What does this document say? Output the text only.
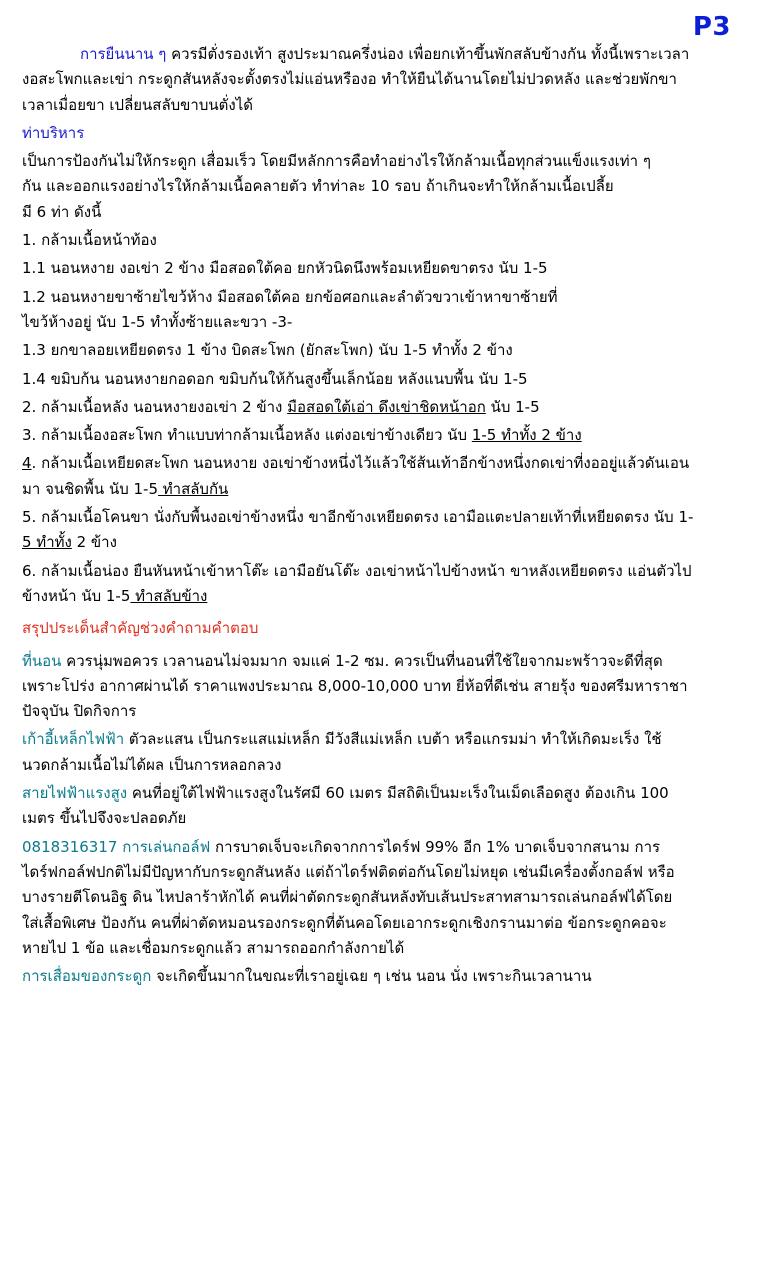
P3

การยืนนาน ๆ ควรมีตั่งรองเท้า สูงประมาณครึ่งน่อง เพื่อยกเท้าขึ้นพักสลับข้างกัน ทั้งนี้เพราะเวลา

งอสะโพกและเข่า กระดูกสันหลังจะตั้งตรงไม่แอ่นหรืองอ ทำให้ยืนได้นานโดยไม่ปวดหลัง และช่วยพักขา

เวลาเมื่อยขา เปลี่ยนสลับขาบนตั่งได้

ท่าบริหาร

เป็นการป้องกันไม่ให้กระดูก เสื่อมเร็ว โดยมีหลักการคือทำอย่างไรให้กล้ามเนื้อทุกส่วนแข็งแรงเท่า ๆ

กัน และออกแรงอย่างไรให้กล้ามเนื้อคลายตัว ทำท่าละ 10 รอบ ถ้าเกินจะทำให้กล้ามเนื้อเปลี้ย

มี 6 ท่า ดังนี้

1. กล้ามเนื้อหน้าท้อง

1.1 นอนหงาย งอเข่า 2 ข้าง มือสอดใต้คอ ยกหัวนิดนึงพร้อมเหยียดขาตรง นับ 1-5

1.2 นอนหงายขาซ้ายไขว้ห้าง มือสอดใต้คอ ยกข้อศอกและลำตัวขวาเข้าหาขาซ้ายที่

ไขว้ห้างอยู่ นับ 1-5 ทำทั้งซ้ายและขวา -3-

1.3 ยกขาลอยเหยียดตรง 1 ข้าง บิดสะโพก (ยักสะโพก) นับ 1-5 ทำทั้ง 2 ข้าง

1.4 ขมิบก้น นอนหงายกอดอก ขมิบก้นให้ก้นสูงขึ้นเล็กน้อย หลังแนบพื้น นับ 1-5

2. กล้ามเนื้อหลัง นอนหงายงอเข่า 2 ข้าง มือสอดใต้เอ่า ดึงเข่าชิดหน้าอก นับ 1-5

3. กล้ามเนื้องอสะโพก ทำแบบท่ากล้ามเนื้อหลัง แต่งอเข่าข้างเดียว นับ 1-5 ทำทั้ง 2 ข้าง

4. กล้ามเนื้อเหยียดสะโพก นอนหงาย งอเข่าข้างหนึ่งไว้แล้วใช้ส้นเท้าอีกข้างหนึ่งกดเข่าที่งออยู่แล้วดันเอน

มา จนชิดพื้น นับ 1-5 ทำสลับกัน

5. กล้ามเนื้อโคนขา นั่งกับพื้นงอเข่าข้างหนึ่ง ขาอีกข้างเหยียดตรง เอามือแตะปลายเท้าที่เหยียดตรง นับ 1-

5 ทำทั้ง 2 ข้าง

6. กล้ามเนื้อน่อง ยืนหันหน้าเข้าหาโต๊ะ เอามือยันโต๊ะ งอเข่าหน้าไปข้างหน้า ขาหลังเหยียดตรง แอ่นตัวไป

ข้างหน้า นับ 1-5 ทำสลับข้าง

สรุปประเด็นสำคัญช่วงคำถามคำตอบ

ที่นอน ควรนุ่มพอควร เวลานอนไม่จมมาก จมแค่ 1-2 ซม. ควรเป็นที่นอนที่ใช้ใยจากมะพร้าวจะดีที่สุด

เพราะโปร่ง อากาศผ่านได้ ราคาแพงประมาณ 8,000-10,000 บาท ยี่ห้อที่ดีเช่น สายรุ้ง ของศรีมหาราชา

ปัจจุบัน ปิดกิจการ

เก้าอี้เหล็กไฟฟ้า ตัวละแสน เป็นกระแสแม่เหล็ก มีวังสีแม่เหล็ก เบต้า หรือแกรมม่า ทำให้เกิดมะเร็ง ใช้

นวดกล้ามเนื้อไม่ได้ผล เป็นการหลอกลวง

สายไฟฟ้าแรงสูง คนที่อยู่ใต้ไฟฟ้าแรงสูงในรัศมี 60 เมตร มีสถิติเป็นมะเร็งในเม็ดเลือดสูง ต้องเกิน 100

เมตร ขึ้นไปจึงจะปลอดภัย

0818316317 การเล่นกอล์ฟ การบาดเจ็บจะเกิดจากการไดร์ฟ 99% อีก 1% บาดเจ็บจากสนาม การ

ไดร์ฟกอล์ฟปกติไม่มีปัญหากับกระดูกสันหลัง แต่ถ้าไดร์ฟติดต่อกันโดยไม่หยุด เช่นมีเครื่องตั้งกอล์ฟ หรือ

บางรายตีโดนอิฐ ดิน ไหปลาร้าหักได้ คนที่ผ่าตัดกระดูกสันหลังทับเส้นประสาทสามารถเล่นกอล์ฟได้โดย

ใส่เสื้อพิเศษ ป้องกัน คนที่ผ่าตัดหมอนรองกระดูกที่ต้นคอโดยเอากระดูกเชิงกรานมาต่อ ข้อกระดูกคอจะ

หายไป 1 ข้อ และเชื่อมกระดูกแล้ว สามารถออกกำลังกายได้

การเสื่อมของกระดูก จะเกิดขึ้นมากในขณะที่เราอยู่เฉย ๆ เช่น นอน นั่ง เพราะกินเวลานาน
